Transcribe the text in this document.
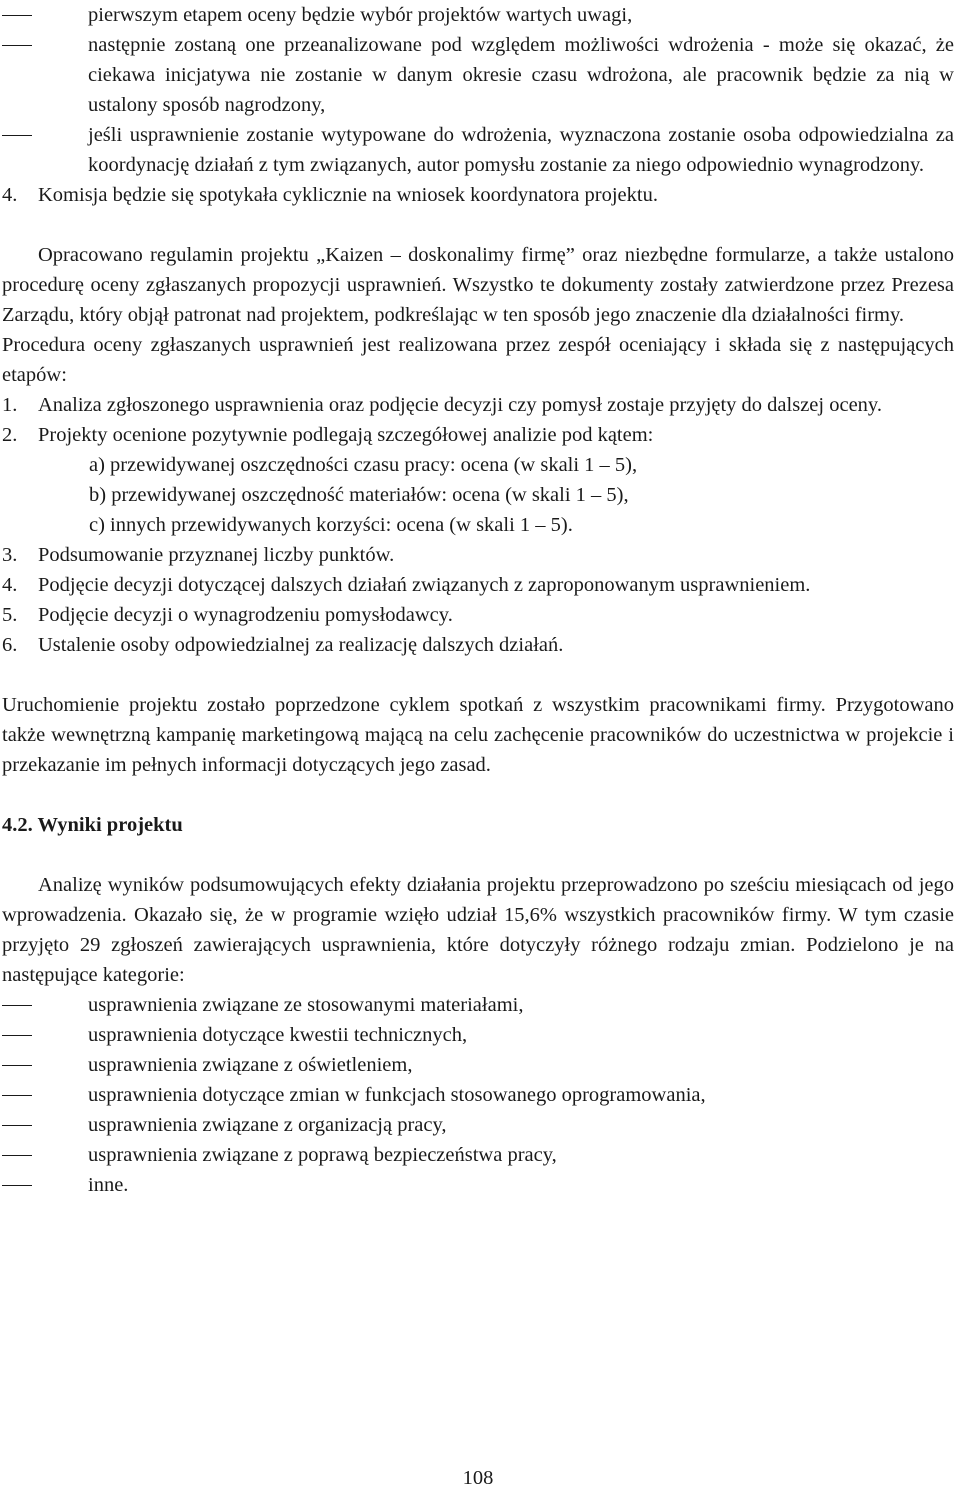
pierwszym etapem oceny będzie wybór projektów wartych uwagi,

następnie zostaną one przeanalizowane pod względem możliwości wdrożenia - może się okazać, że ciekawa inicjatywa nie zostanie w danym okresie czasu wdrożona, ale pracownik będzie za nią w ustalony sposób nagrodzony,

jeśli usprawnienie zostanie wytypowane do wdrożenia, wyznaczona zostanie osoba odpowiedzialna za koordynację działań z tym związanych, autor pomysłu zostanie za niego odpowiednio wynagrodzony.

4. Komisja będzie się spotykała cyklicznie na wniosek koordynatora projektu.

Opracowano regulamin projektu „Kaizen – doskonalimy firmę” oraz niezbędne formularze, a także ustalono procedurę oceny zgłaszanych propozycji usprawnień. Wszystko te dokumenty zostały zatwierdzone przez Prezesa Zarządu, który objął patronat nad projektem, podkreślając w ten sposób jego znaczenie dla działalności firmy.

Procedura oceny zgłaszanych usprawnień jest realizowana przez zespół oceniający i składa się z następujących etapów:

1. Analiza zgłoszonego usprawnienia oraz podjęcie decyzji czy pomysł zostaje przyjęty do dalszej oceny.

2. Projekty ocenione pozytywnie podlegają szczegółowej analizie pod kątem:

a) przewidywanej oszczędności czasu pracy: ocena (w skali 1 – 5),

b) przewidywanej oszczędność materiałów: ocena (w skali 1 – 5),

c) innych przewidywanych korzyści: ocena (w skali 1 – 5).

3. Podsumowanie przyznanej liczby punktów.

4. Podjęcie decyzji dotyczącej dalszych działań związanych z zaproponowanym usprawnieniem.

5. Podjęcie decyzji o wynagrodzeniu pomysłodawcy.

6. Ustalenie osoby odpowiedzialnej za realizację dalszych działań.

Uruchomienie projektu zostało poprzedzone cyklem spotkań z wszystkim pracownikami firmy. Przygotowano także wewnętrzną kampanię marketingową mającą na celu zachęcenie pracowników do uczestnictwa w projekcie i przekazanie im pełnych informacji dotyczących jego zasad.

4.2. Wyniki projektu

Analizę wyników podsumowujących efekty działania projektu przeprowadzono po sześciu miesiącach od jego wprowadzenia. Okazało się, że w programie wzięło udział 15,6% wszystkich pracowników firmy. W tym czasie przyjęto 29 zgłoszeń zawierających usprawnienia, które dotyczyły różnego rodzaju zmian. Podzielono je na następujące kategorie:

usprawnienia związane ze stosowanymi materiałami,

usprawnienia dotyczące kwestii technicznych,

usprawnienia związane z oświetleniem,

usprawnienia dotyczące zmian w funkcjach stosowanego oprogramowania,

usprawnienia związane z organizacją pracy,

usprawnienia związane z poprawą bezpieczeństwa pracy,

inne.

108
